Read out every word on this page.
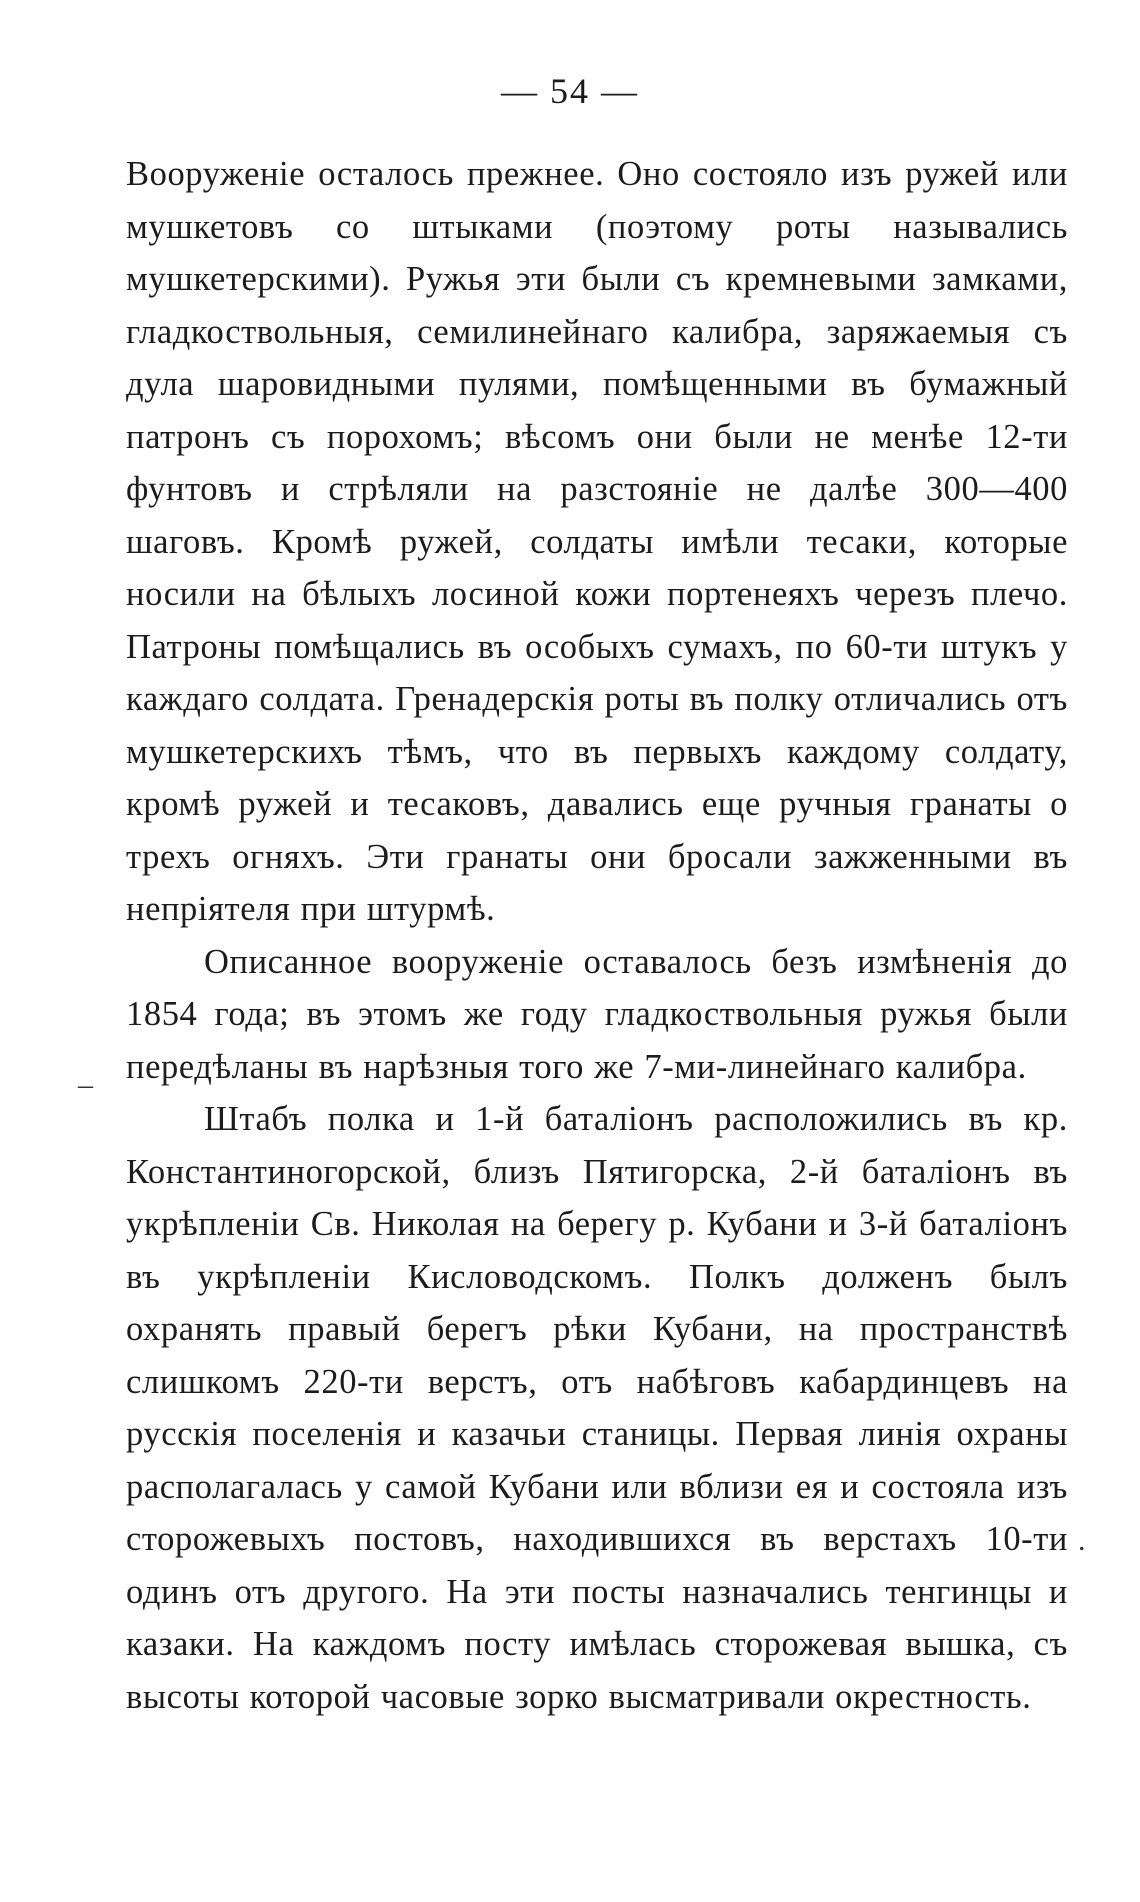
— 54 —

Вооруженіе осталось прежнее. Оно состояло изъ ружей или мушкетовъ со штыками (поэтому роты назывались мушкетерскими). Ружья эти были съ кремневыми замками, гладкоствольныя, семилинейнаго калибра, заряжаемыя съ дула шаровидными пулями, помѣщенными въ бумажный патронъ съ порохомъ; вѣсомъ они были не менѣе 12-ти фунтовъ и стрѣляли на разстояніе не далѣе 300—400 шаговъ. Кромѣ ружей, солдаты имѣли тесаки, которые носили на бѣлыхъ лосиной кожи портенеяхъ черезъ плечо. Патроны помѣщались въ особыхъ сумахъ, по 60-ти штукъ у каждаго солдата. Гренадерскія роты въ полку отличались отъ мушкетерскихъ тѣмъ, что въ первыхъ каждому солдату, кромѣ ружей и тесаковъ, давались еще ручныя гранаты о трехъ огняхъ. Эти гранаты они бросали зажженными въ непріятеля при штурмѣ.

Описанное вооруженіе оставалось безъ измѣненія до 1854 года; въ этомъ же году гладкоствольныя ружья были передѣланы въ нарѣзныя того же 7-ми-линейнаго калибра.

Штабъ полка и 1-й баталіонъ расположились въ кр. Константиногорской, близъ Пятигорска, 2-й баталіонъ въ укрѣпленіи Св. Николая на берегу р. Кубани и 3-й баталіонъ въ укрѣпленіи Кисловодскомъ. Полкъ долженъ былъ охранять правый берегъ рѣки Кубани, на пространствѣ слишкомъ 220-ти верстъ, отъ набѣговъ кабардинцевъ на русскія поселенія и казачьи станицы. Первая линія охраны располагалась у самой Кубани или вблизи ея и состояла изъ сторожевыхъ постовъ, находившихся въ верстахъ 10-ти одинъ отъ другого. На эти посты назначались тенгинцы и казаки. На каждомъ посту имѣлась сторожевая вышка, съ высоты которой часовые зорко высматривали окрестность.

_
.
